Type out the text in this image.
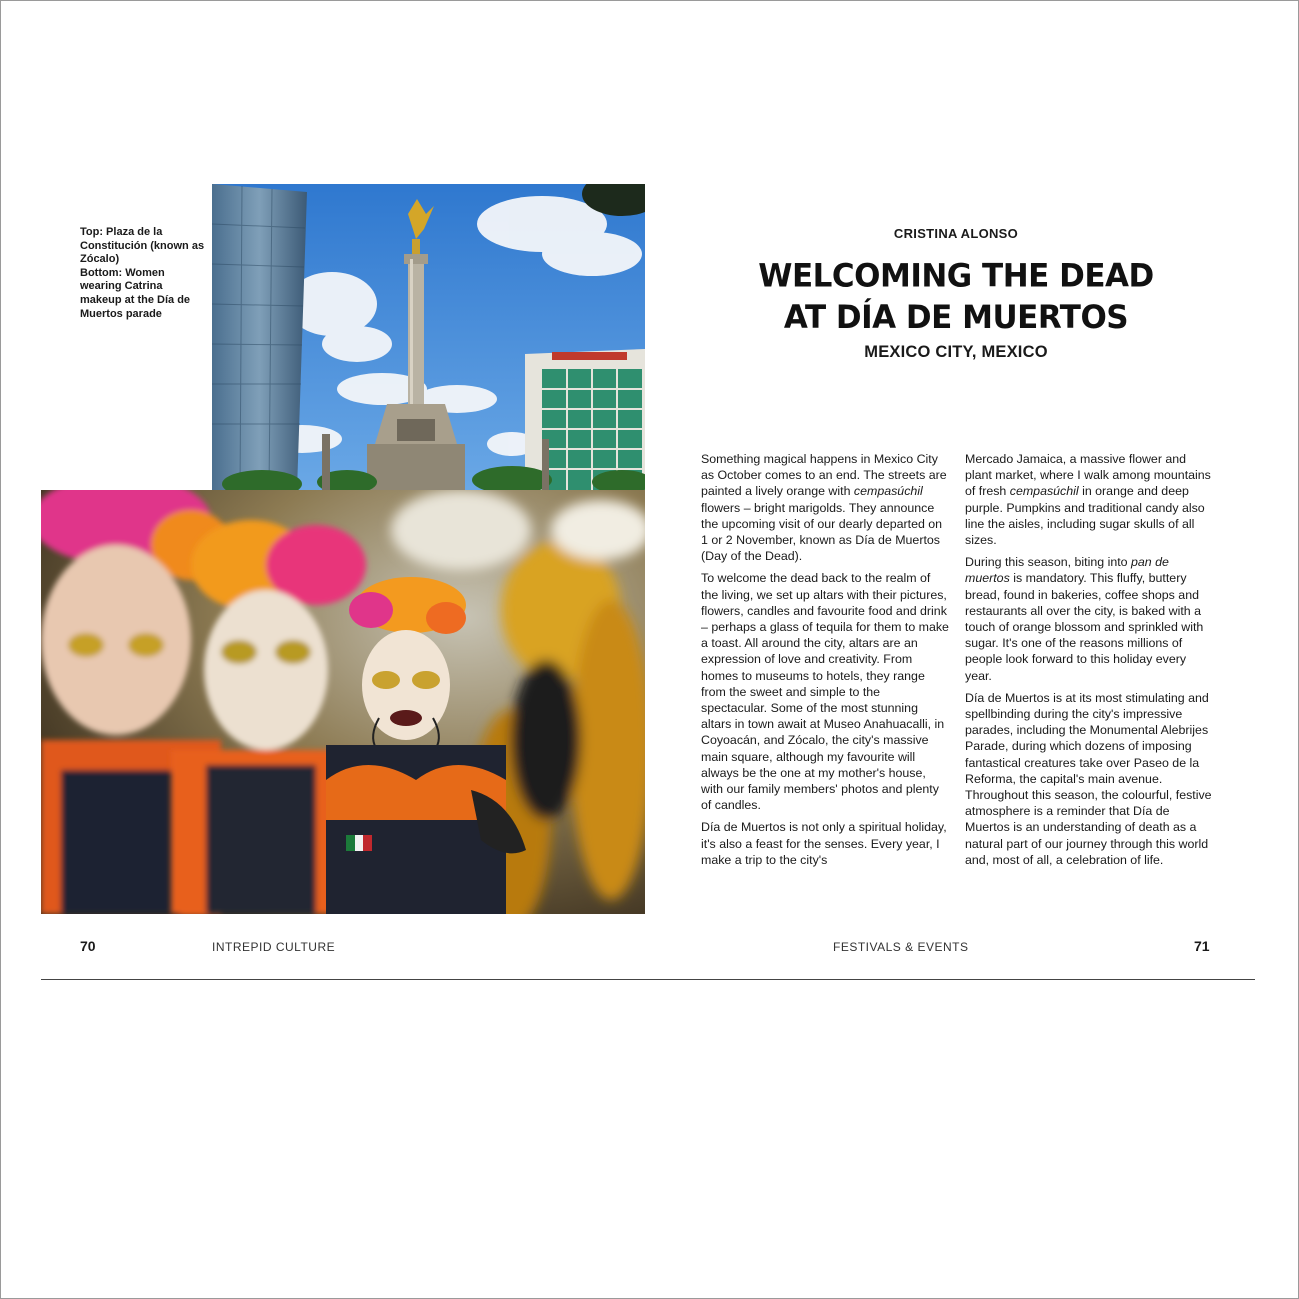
Top: Plaza de la Constitución (known as Zócalo)

Bottom: Women wearing Catrina makeup at the Día de Muertos parade

CRISTINA ALONSO
WELCOMING THE DEAD
AT DÍA DE MUERTOS
MEXICO CITY, MEXICO

Something magical happens in Mexico City as October comes to an end. The streets are painted a lively orange with cempasúchil flowers – bright marigolds. They announce the upcoming visit of our dearly departed on 1 or 2 November, known as Día de Muertos (Day of the Dead).

To welcome the dead back to the realm of the living, we set up altars with their pictures, flowers, candles and favourite food and drink – perhaps a glass of tequila for them to make a toast. All around the city, altars are an expression of love and creativity. From homes to museums to hotels, they range from the sweet and simple to the spectacular. Some of the most stunning altars in town await at Museo Anahuacalli, in Coyoacán, and Zócalo, the city's massive main square, although my favourite will always be the one at my mother's house, with our family members' photos and plenty of candles.

Día de Muertos is not only a spiritual holiday, it's also a feast for the senses. Every year, I make a trip to the city's

Mercado Jamaica, a massive flower and plant market, where I walk among mountains of fresh cempasúchil in orange and deep purple. Pumpkins and traditional candy also line the aisles, including sugar skulls of all sizes.

During this season, biting into pan de muertos is mandatory. This fluffy, buttery bread, found in bakeries, coffee shops and restaurants all over the city, is baked with a touch of orange blossom and sprinkled with sugar. It's one of the reasons millions of people look forward to this holiday every year.

Día de Muertos is at its most stimulating and spellbinding during the city's impressive parades, including the Monumental Alebrijes Parade, during which dozens of imposing fantastical creatures take over Paseo de la Reforma, the capital's main avenue. Throughout this season, the colourful, festive atmosphere is a reminder that Día de Muertos is an understanding of death as a natural part of our journey through this world and, most of all, a celebration of life.

70	INTREPID CULTURE	FESTIVALS & EVENTS	71
